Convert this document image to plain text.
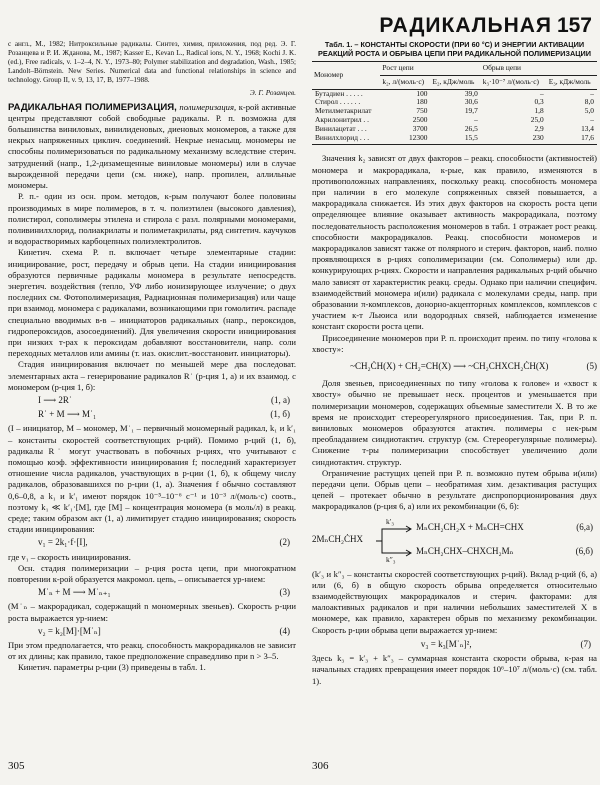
РАДИКАЛЬНАЯ 157
с англ., М., 1982; Нитроксильные радикалы. Синтез, химия, приложения, под ред. Э. Г. Розанцева и Р. И. Жданова, М., 1987; Kasser E., Kevan L., Radical ions, N. Y., 1968; Kochi J. K. (ed.), Free radicals, v. 1–2–4, N. Y., 1973–80; Polymer stabilization and degradation, Wash., 1985; Landolt–Börnstein. New Series. Numerical data and functional relationships in science and technology. Group II, v. 9, 13, 17, B, 1977–1988.
Э. Г. Розанцев.

РАДИКАЛЬНАЯ ПОЛИМЕРИЗАЦИЯ, полимеризация, к-рой активные центры представляют собой свободные радикалы. Р. п. возможна для большинства виниловых, винилиденовых, диеновых мономеров, а также для некрых напряженных циклич. соединений. Некрые ненасыщ. мономеры не способны полимеризоваться по радикальному механизму вследствие стерич. затруднений (напр., 1,2-дизамещенные виниловые мономеры) или в случае вырожденной передачи цепи (см. ниже), напр. пропилен, аллильные мономеры.

Р. п.- один из осн. пром. методов, к-рым получают более половины производимых в мире полимеров, в т. ч. полиэтилен (высокого давления), полистирол, сополимеры этилена и стирола с разл. полярными мономерами, поливинилхлорид, полиакрилаты и полиметакрилаты, ряд синтетич. каучуков и водорастворимых карбоцепных полиэлектролитов.

Кинетич. схема Р. п. включает четыре элементарные стадии: инициирование, рост, передачу и обрыв цепи. На стадии инициирования образуются первичные радикалы мономера в результате непосредств. энергетич. воздействия (тепло, УФ либо ионизирующее излучение; о двух последних см. Фотополимеризация, Радиационная полимеризация) или чаще при взаимод. мономера с радикалами, возникающими при гомолитич. распаде специально вводимых в-в – инициаторов радикальных (напр., пероксидов, гидропероксидов, азосоединений). Для увеличения скорости инициирования при низких т-рах к пероксидам добавляют восстановители, напр. соли переходных металлов или амины (т. иаз. окислит.-восстановит. инициаторы).

Стадия инициирования включает по меньшей мере два последоват. элементарных акта – генерирование радикалов R˙ (р-ция 1, а) и их взаимод. с мономером (р-ция 1, б):

I ⟶ 2R˙	(1, a)
R˙ + M ⟶ M˙₁	(1, б)

(I – инициатор, M – мономер, M˙₁ – первичный мономерный радикал, k₁ и k′₁ – константы скоростей соответствующих р-ций). Помимо р-ций (1, б), радикалы R˙ могут участвовать в побочных р-циях, что учитывают с помощью коэф. эффективности инициирования f; последний характеризует отношение числа радикалов, участвующих в р-ции (1, б), к общему числу радикалов, образовавшихся по р-ции (1, a). Значения f обычно составляют 0,6–0,8, а k₁ и k′₁ имеют порядок 10⁻⁵–10⁻⁶ с⁻¹ и 10⁻³ л/(моль·с) соотв., поэтому k₁ ≪ k′₁·[M], где [M] – концентрация мономера (в моль/л) в реакц. среде; таким образом акт (1, а) лимитирует стадию инициирования; скорость стадии инициирования:

v₁ = 2k₁·f·[I],	(2)

где v₁ – скорость инициирования.

Осн. стадия полимеризации – р-ция роста цепи, при многократном повторении к-рой образуется макромол. цепь, – описывается ур-нием:

M˙ₙ + M ⟶ M˙ₙ₊₁	(3)

(M˙ₙ – макрорадикал, содержащий n мономерных звеньев). Скорость р-ции роста выражается ур-нием:

v₂ = k₂[M]·[M˙ₙ]	(4)

При этом предполагается, что реакц. способность макрорадикалов не зависит от их длины; как правило, такое предположение справедливо при n > 3–5.

Кинетич. параметры р-ции (3) приведены в табл. 1.

Табл. 1. – КОНСТАНТЫ СКОРОСТИ (ПРИ 60 °С) И ЭНЕРГИИ АКТИВАЦИИ РЕАКЦИЙ РОСТА И ОБРЫВА ЦЕПИ ПРИ РАДИКАЛЬНОЙ ПОЛИМЕРИЗАЦИИ
Мономер	Рост цепи		Обрыв цепи	
	k₂, л/(моль·с)	E₂, кДж/моль	k₃·10⁻⁷ л/(моль·с)	E₃, кДж/моль
Бутадиен . . . . .	100	39,0	–	–
Стирол . . . . . .	180	30,6	0,3	8,0
Метилметакрилат	750	19,7	1,8	5,0
Акрилонитрил . .	2500	–	25,0	–
Винилацетат . . .	3700	26,5	2,9	13,4
Винилхлорид . . .	12300	15,5	230	17,6

Значения k₂ зависят от двух факторов – реакц. способности (активностей) мономера и макрорадикала, к-рые, как правило, изменяются в противоположных направлениях, поскольку реакц. способность мономера при наличии в его молекуле сопряженных связей повышается, а макрорадикала снижается. Из этих двух факторов на скорость роста цепи определяющее влияние оказывает активность макрорадикала, поэтому последовательность расположения мономеров в табл. 1 отражает рост реакц. способности макрорадикалов. Реакц. способности мономеров и макрорадикалов зависят также от полярного и стерич. факторов, наиб. полно проявляющихся в р-циях сополимеризации (см. Сополимеры) или др. конкурирующих р-циях. Скорости и направления радикальных р-ций обычно мало зависят от характеристик реакц. среды. Однако при наличии специфич. взаимодействий мономера и(или) радикала с молекулами среды, напр. при образовании π-комплексов, донорно-акцепторных комплексов, комплексов с участием к-т Льюиса или водородных связей, наблюдается изменение констант скорости роста цепи.

Присоединение мономеров при Р. п. происходит преим. по типу «голова к хвосту»:

~CH₂ĊH(X) + CH₂=CH(X) ⟶ ~CH₂CHXCH₂ĊH(X)	(5)

Доля звеньев, присоединенных по типу «голова к голове» и «хвост к хвосту» обычно не превышает неск. процентов и уменьшается при полимеризации мономеров, содержащих объемные заместители X. В то же время не происходит стереорегулярного присоединения. Так, при Р. п. виниловых мономеров образуются атактич. полимеры с нек-рым преобладанием синдиотактич. структур (см. Стереорегулярные полимеры). Снижение т-ры полимеризации способствует увеличению доли синдиотактич. структур.

Ограничение растущих цепей при Р. п. возможно путем обрыва и(или) передачи цепи. Обрыв цепи – необратимая хим. дезактивация растущих цепей – протекает обычно в результате диспропорционирования двух макрорадикалов (р-ция 6, а) или их рекомбинации (6, б):

2MₙCH₂ĊHX
k′₃
k″₃
MₙCH₂CH₂X + MₙCH=CHX	(6,a)
MₙCH₂CHX–CHXCH₂Mₙ	(6,б)

(k′₃ и k″₃ – константы скоростей соответствующих р-ций). Вклад р-ций (6, а) или (6, б) в общую скорость обрыва определяется относительно взаимодействующих макрорадикалов и стерич. факторами: для малоактивных радикалов и при наличии небольших заместителей X в мономере, как правило, характерен обрыв по механизму рекомбинации. Скорость р-ции обрыва цепи выражается ур-нием:

v₃ = k₃[M˙ₙ]²,	(7)

Здесь k₃ = k′₃ + k″₃ – суммарная константа скорости обрыва, к-рая на начальных стадиях превращения имеет порядок 10⁶–10⁷ л/(моль·с) (см. табл. 1).

305	306
